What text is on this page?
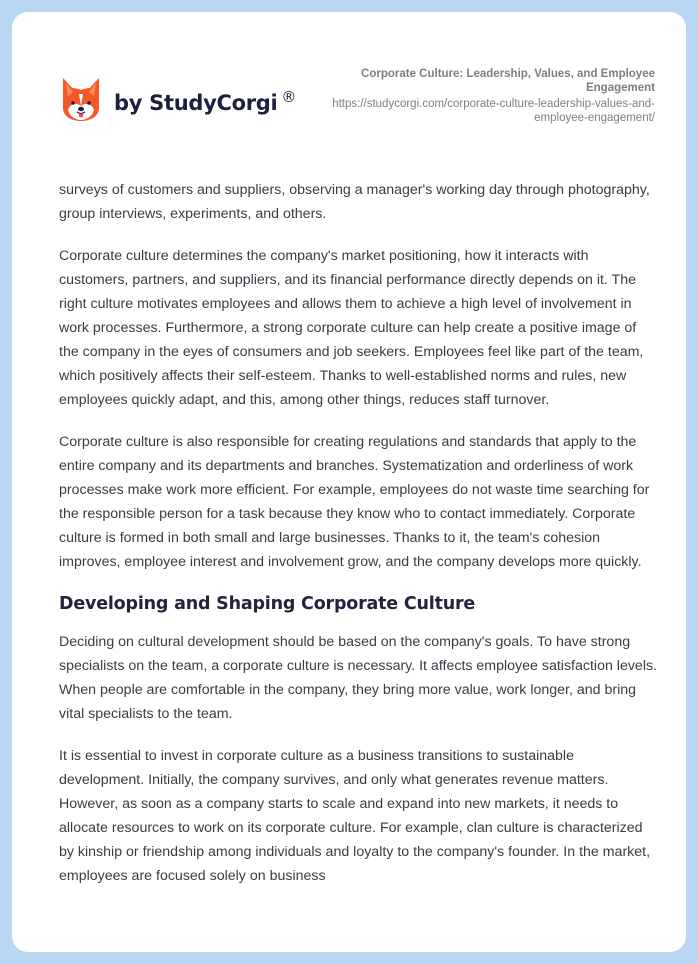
by StudyCorgi ®
Corporate Culture: Leadership, Values, and Employee Engagement
https://studycorgi.com/corporate-culture-leadership-values-and-employee-engagement/

surveys of customers and suppliers, observing a manager's working day through photography, group interviews, experiments, and others.

Corporate culture determines the company's market positioning, how it interacts with customers, partners, and suppliers, and its financial performance directly depends on it. The right culture motivates employees and allows them to achieve a high level of involvement in work processes. Furthermore, a strong corporate culture can help create a positive image of the company in the eyes of consumers and job seekers. Employees feel like part of the team, which positively affects their self-esteem. Thanks to well-established norms and rules, new employees quickly adapt, and this, among other things, reduces staff turnover.

Corporate culture is also responsible for creating regulations and standards that apply to the entire company and its departments and branches. Systematization and orderliness of work processes make work more efficient. For example, employees do not waste time searching for the responsible person for a task because they know who to contact immediately. Corporate culture is formed in both small and large businesses. Thanks to it, the team's cohesion improves, employee interest and involvement grow, and the company develops more quickly.

Developing and Shaping Corporate Culture

Deciding on cultural development should be based on the company's goals. To have strong specialists on the team, a corporate culture is necessary. It affects employee satisfaction levels. When people are comfortable in the company, they bring more value, work longer, and bring vital specialists to the team.

It is essential to invest in corporate culture as a business transitions to sustainable development. Initially, the company survives, and only what generates revenue matters. However, as soon as a company starts to scale and expand into new markets, it needs to allocate resources to work on its corporate culture. For example, clan culture is characterized by kinship or friendship among individuals and loyalty to the company's founder. In the market, employees are focused solely on business
